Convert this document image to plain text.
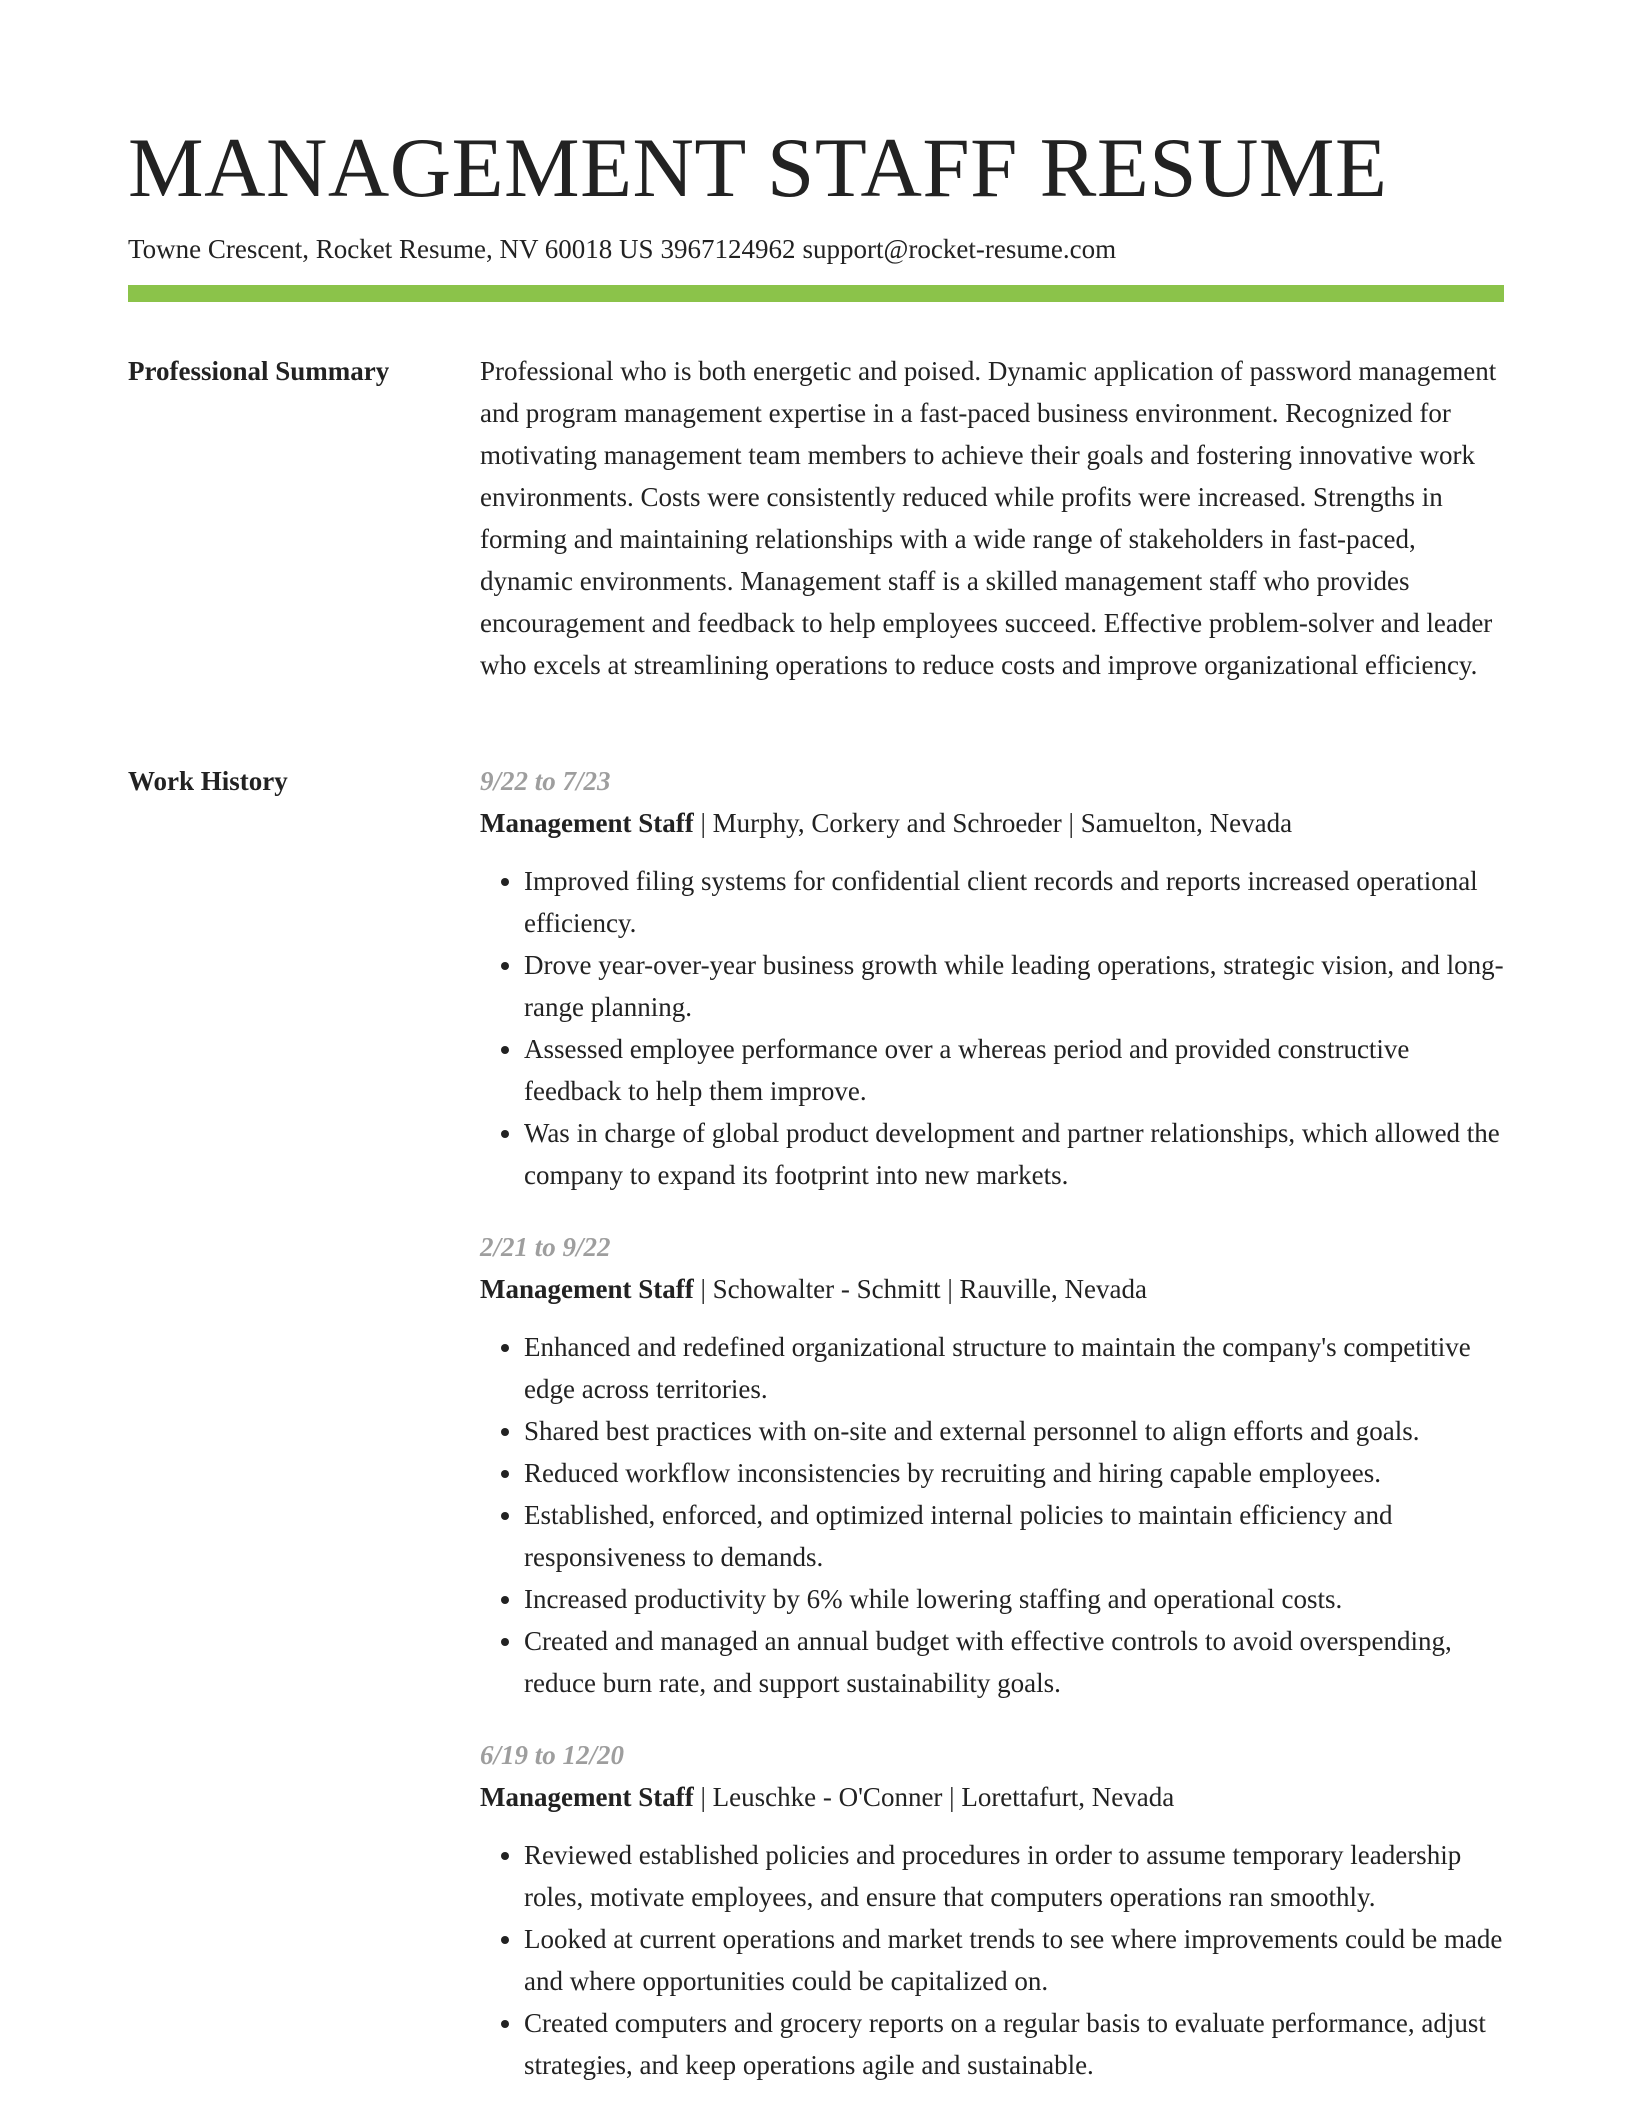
MANAGEMENT STAFF RESUME
Towne Crescent, Rocket Resume, NV 60018 US 3967124962 support@rocket-resume.com
Professional Summary	Professional who is both energetic and poised. Dynamic application of password management and program management expertise in a fast-paced business environment. Recognized for motivating management team members to achieve their goals and fostering innovative work environments. Costs were consistently reduced while profits were increased. Strengths in forming and maintaining relationships with a wide range of stakeholders in fast-paced, dynamic environments. Management staff is a skilled management staff who provides encouragement and feedback to help employees succeed. Effective problem-solver and leader who excels at streamlining operations to reduce costs and improve organizational efficiency.

Work History	9/22 to 7/23
Management Staff | Murphy, Corkery and Schroeder | Samuelton, Nevada
• Improved filing systems for confidential client records and reports increased operational efficiency.
• Drove year-over-year business growth while leading operations, strategic vision, and long-range planning.
• Assessed employee performance over a whereas period and provided constructive feedback to help them improve.
• Was in charge of global product development and partner relationships, which allowed the company to expand its footprint into new markets.
2/21 to 9/22
Management Staff | Schowalter - Schmitt | Rauville, Nevada
• Enhanced and redefined organizational structure to maintain the company's competitive edge across territories.
• Shared best practices with on-site and external personnel to align efforts and goals.
• Reduced workflow inconsistencies by recruiting and hiring capable employees.
• Established, enforced, and optimized internal policies to maintain efficiency and responsiveness to demands.
• Increased productivity by 6% while lowering staffing and operational costs.
• Created and managed an annual budget with effective controls to avoid overspending, reduce burn rate, and support sustainability goals.
6/19 to 12/20
Management Staff | Leuschke - O'Conner | Lorettafurt, Nevada
• Reviewed established policies and procedures in order to assume temporary leadership roles, motivate employees, and ensure that computers operations ran smoothly.
• Looked at current operations and market trends to see where improvements could be made and where opportunities could be capitalized on.
• Created computers and grocery reports on a regular basis to evaluate performance, adjust strategies, and keep operations agile and sustainable.
